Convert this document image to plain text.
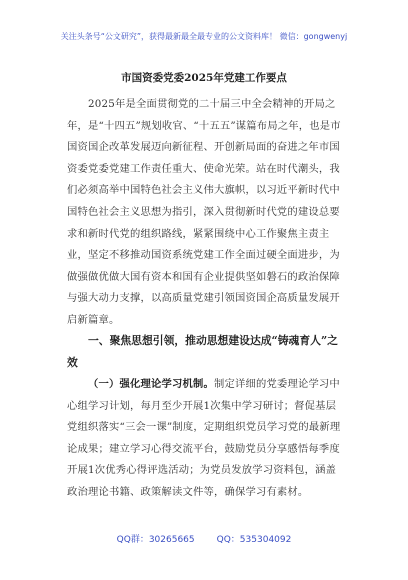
关注头条号“公文研究”，获得最新最全最专业的公文资料库！ 微信：gongwenyj
市国资委党委2025年党建工作要点
2025年是全面贯彻党的二十届三中全会精神的开局之年，是“十四五”规划收官、“十五五”谋篇布局之年，也是市国资国企改革发展迈向新征程、开创新局面的奋进之年市国资委党委党建工作责任重大、使命光荣。站在时代潮头，我们必须高举中国特色社会主义伟大旗帜，以习近平新时代中国特色社会主义思想为指引，深入贯彻新时代党的建设总要求和新时代党的组织路线，紧紧围绕中心工作聚焦主责主业，坚定不移推动国资系统党建工作全面过硬全面进步，为做强做优做大国有资本和国有企业提供坚如磐石的政治保障与强大动力支撑，以高质量党建引领国资国企高质量发展开启新篇章。
一、聚焦思想引领，推动思想建设达成“铸魂育人”之效
（一）强化理论学习机制。制定详细的党委理论学习中心组学习计划，每月至少开展1次集中学习研讨；督促基层党组织落实“三会一课”制度，定期组织党员学习党的最新理论成果；建立学习心得交流平台，鼓励党员分享感悟每季度开展1次优秀心得评选活动；为党员发放学习资料包，涵盖政治理论书籍、政策解读文件等，确保学习有素材。
QQ群：30265665 QQ：535304092
